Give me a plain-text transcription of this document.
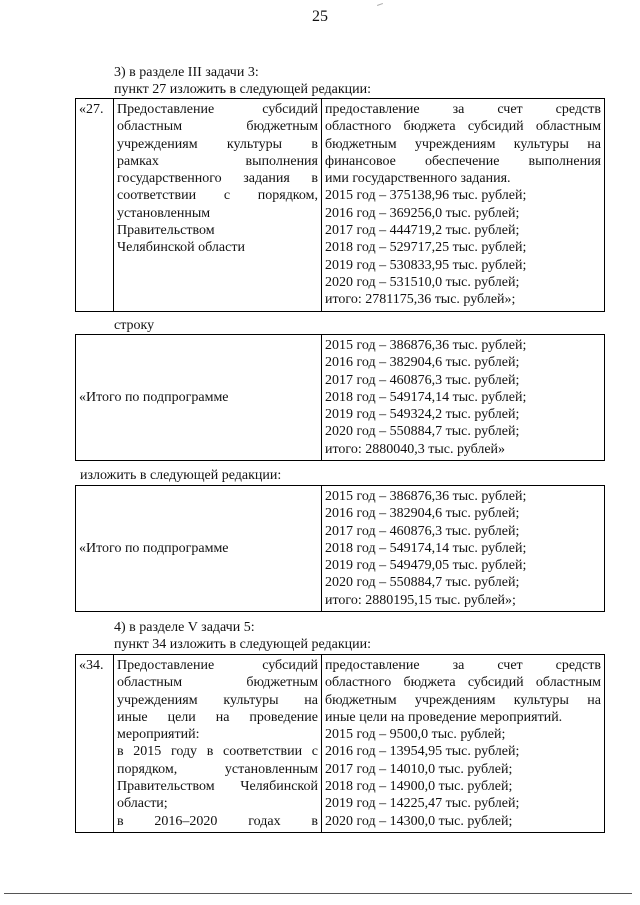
25
3) в разделе III задачи 3:
пункт 27 изложить в следующей редакции:
«27.	Предоставление субсидий
областным бюджетным
учреждениям культуры в
рамках выполнения
государственного задания в
соответствии с порядком,
установленным
Правительством
Челябинской области

предоставление за счет средств
областного бюджета субсидий областным
бюджетным учреждениям культуры на
финансовое обеспечение выполнения
ими государственного задания.
2015 год – 375138,96 тыс. рублей;
2016 год – 369256,0 тыс. рублей;
2017 год – 444719,2 тыс. рублей;
2018 год – 529717,25 тыс. рублей;
2019 год – 530833,95 тыс. рублей;
2020 год – 531510,0 тыс. рублей;
итого: 2781175,36 тыс. рублей»;
строку
«Итого по подпрограмме	
2015 год – 386876,36 тыс. рублей;
2016 год – 382904,6 тыс. рублей;
2017 год – 460876,3 тыс. рублей;
2018 год – 549174,14 тыс. рублей;
2019 год – 549324,2 тыс. рублей;
2020 год – 550884,7 тыс. рублей;
итого: 2880040,3 тыс. рублей»
изложить в следующей редакции:
«Итого по подпрограмме	
2015 год – 386876,36 тыс. рублей;
2016 год – 382904,6 тыс. рублей;
2017 год – 460876,3 тыс. рублей;
2018 год – 549174,14 тыс. рублей;
2019 год – 549479,05 тыс. рублей;
2020 год – 550884,7 тыс. рублей;
итого: 2880195,15 тыс. рублей»;
4) в разделе V задачи 5:
пункт 34 изложить в следующей редакции:
«34.	Предоставление субсидий
областным бюджетным
учреждениям культуры на
иные цели на проведение
мероприятий:
в 2015 году в соответствии с
порядком, установленным
Правительством Челябинской
области;
в 2016–2020 годах в

предоставление за счет средств
областного бюджета субсидий областным
бюджетным учреждениям культуры на
иные цели на проведение мероприятий.
2015 год – 9500,0 тыс. рублей;
2016 год – 13954,95 тыс. рублей;
2017 год – 14010,0 тыс. рублей;
2018 год – 14900,0 тыс. рублей;
2019 год – 14225,47 тыс. рублей;
2020 год – 14300,0 тыс. рублей;
